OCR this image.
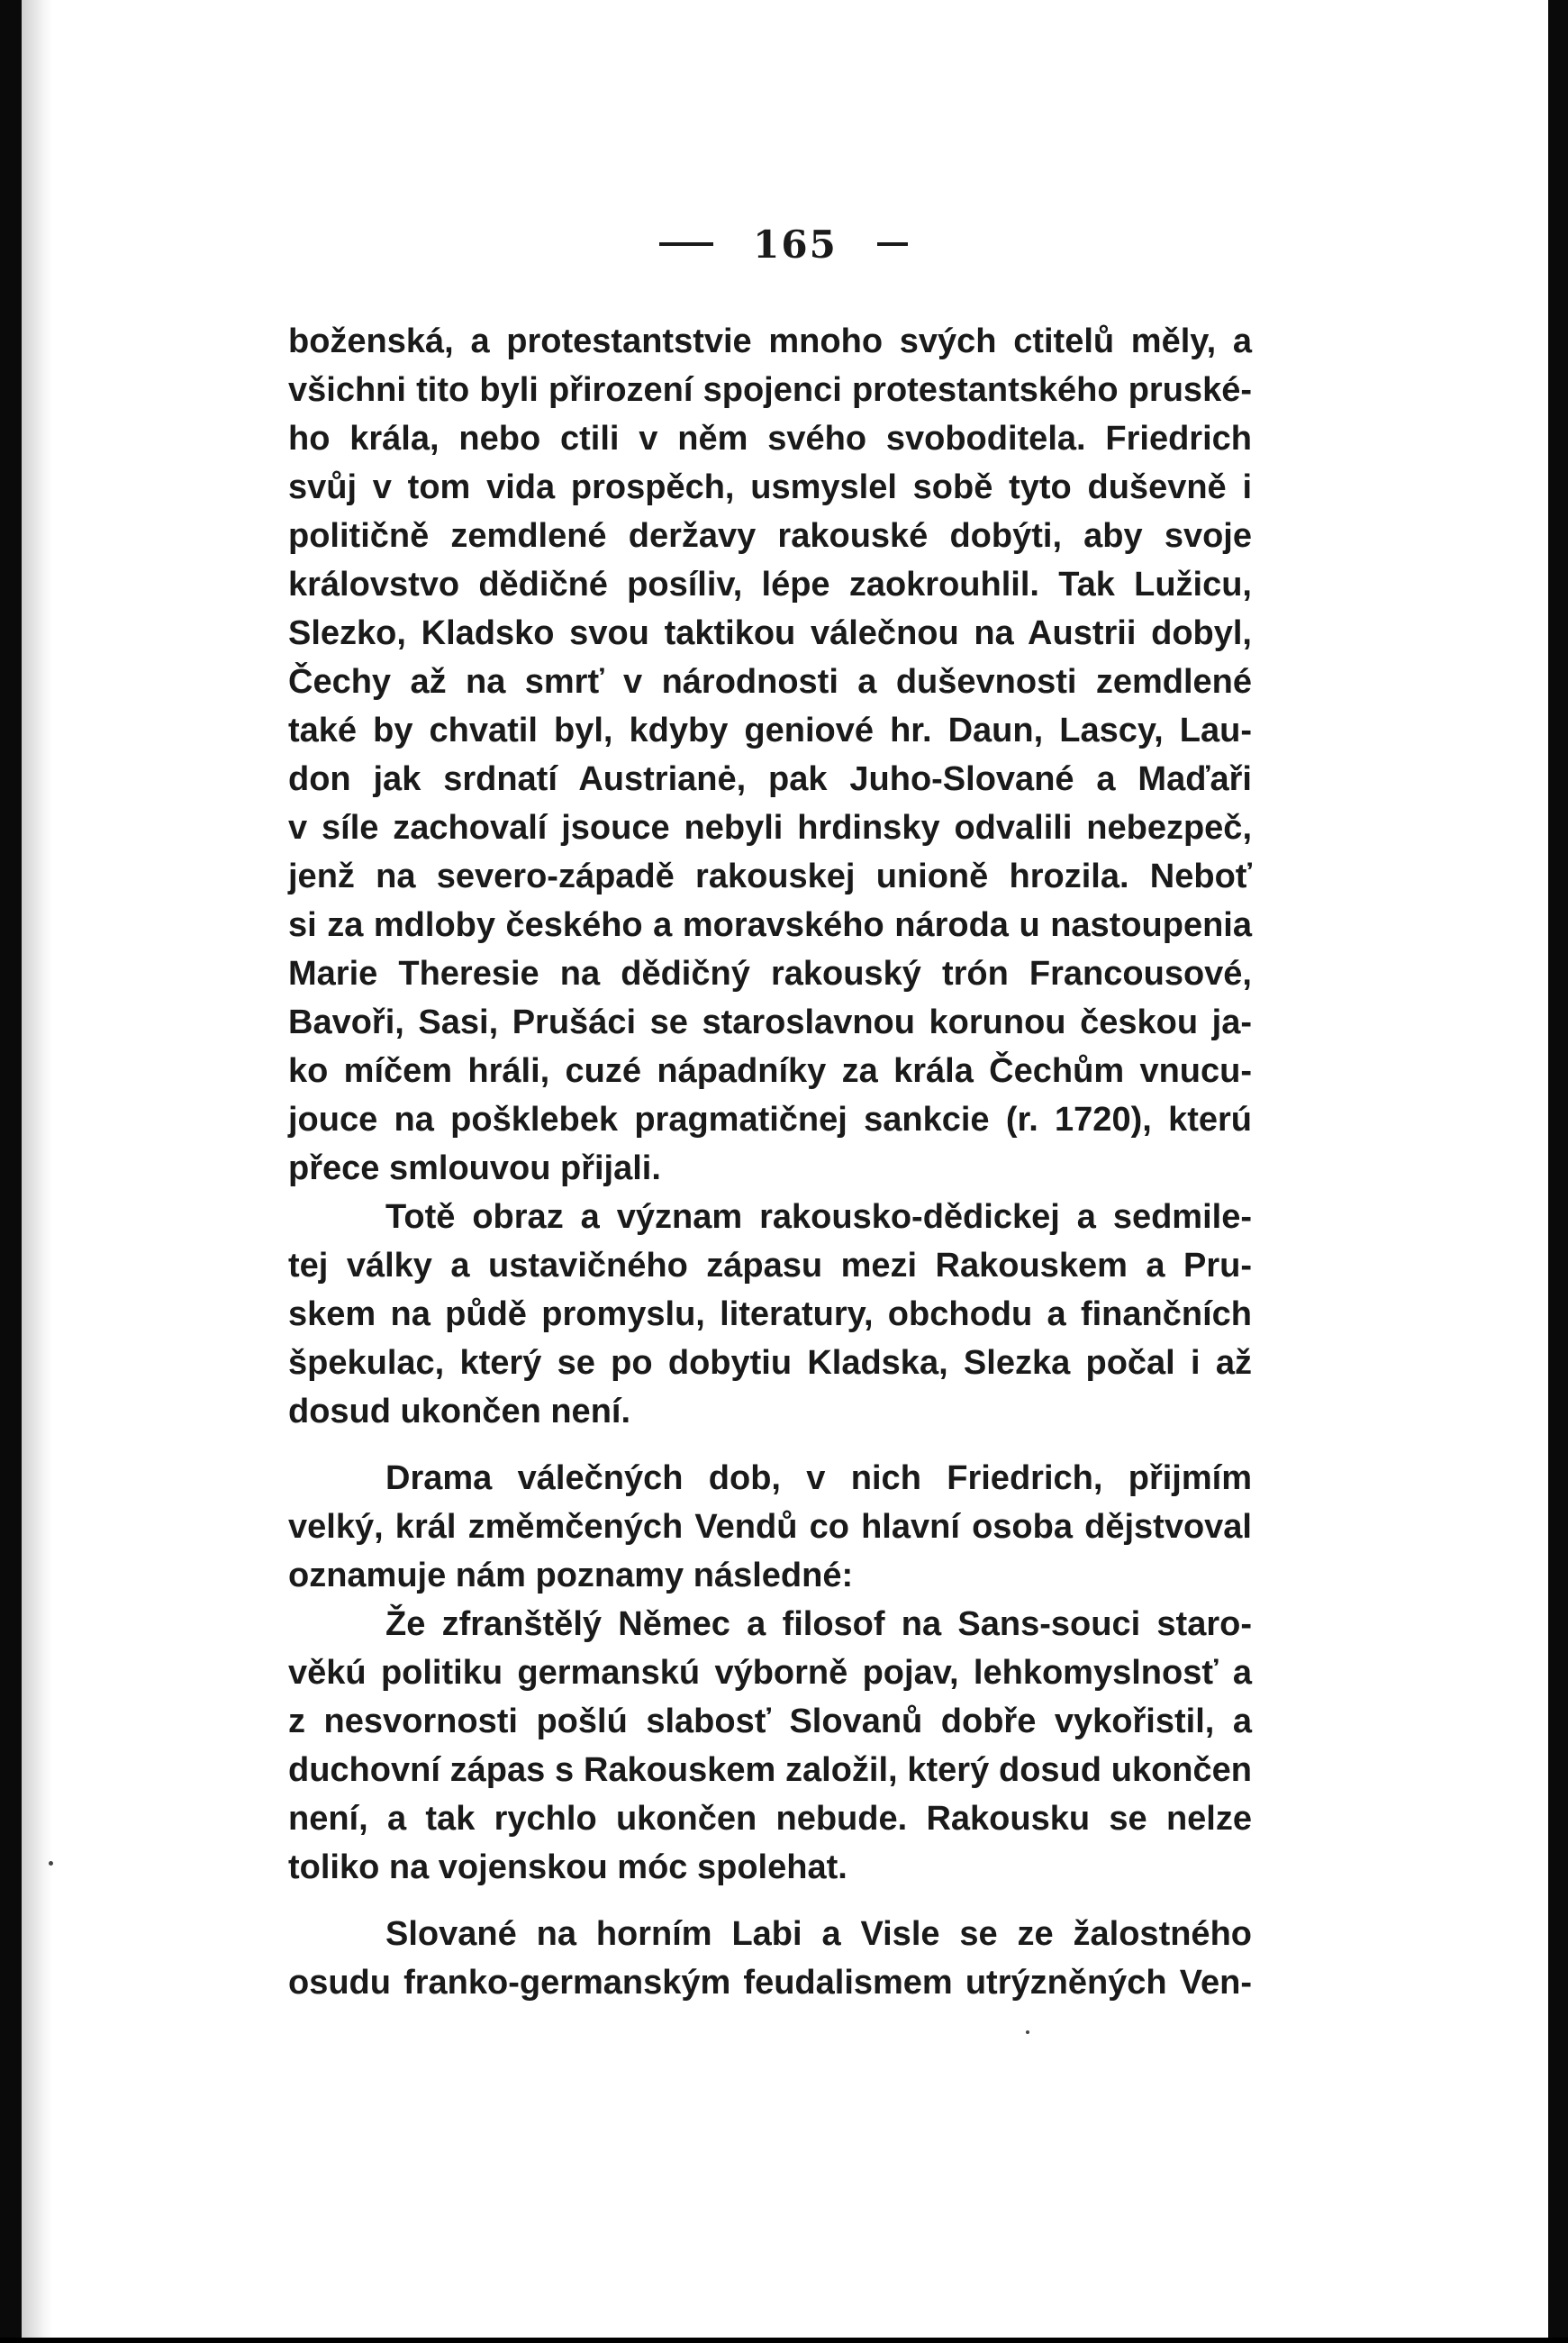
165
boženská, a protestantstvie mnoho svých ctitelů měly, a
všichni tito byli přirození spojenci protestantského pruské-
ho krála, nebo ctili v něm svého svoboditela. Friedrich
svůj v tom vida prospěch, usmyslel sobě tyto duševně i
političně zemdlené deržavy rakouské dobýti, aby svoje
královstvo dědičné posíliv, lépe zaokrouhlil. Tak Lužicu,
Slezko, Kladsko svou taktikou válečnou na Austrii dobyl,
Čechy až na smrť v národnosti a duševnosti zemdlené
také by chvatil byl, kdyby geniové hr. Daun, Lascy, Lau-
don jak srdnatí Austrianė, pak Juho-Slované a Maďaři
v síle zachovalí jsouce nebyli hrdinsky odvalili nebezpeč,
jenž na severo-západě rakouskej unioně hrozila. Neboť
si za mdloby českého a moravského národa u nastoupenia
Marie Theresie na dědičný rakouský trón Francousové,
Bavoři, Sasi, Prušáci se staroslavnou korunou českou ja-
ko míčem hráli, cuzé nápadníky za krála Čechům vnucu-
jouce na pošklebek pragmatičnej sankcie (r. 1720), kterú
přece smlouvou přijali.
Totě obraz a význam rakousko-dědickej a sedmile-
tej války a ustavičného zápasu mezi Rakouskem a Pru-
skem na půdě promyslu, literatury, obchodu a finančních
špekulac, který se po dobytiu Kladska, Slezka počal i až
dosud ukončen není.
Drama válečných dob, v nich Friedrich, přijmím
velký, král změmčených Vendů co hlavní osoba dějstvoval
oznamuje nám poznamy následné:
Že zfranštělý Němec a filosof na Sans-souci staro-
věkú politiku germanskú výborně pojav, lehkomyslnosť a
z nesvornosti pošlú slabosť Slovanů dobře vykořistil, a
duchovní zápas s Rakouskem založil, který dosud ukončen
není, a tak rychlo ukončen nebude. Rakousku se nelze
toliko na vojenskou móc spolehat.
Slované na horním Labi a Visle se ze žalostného
osudu franko-germanským feudalismem utrýzněných Ven-
